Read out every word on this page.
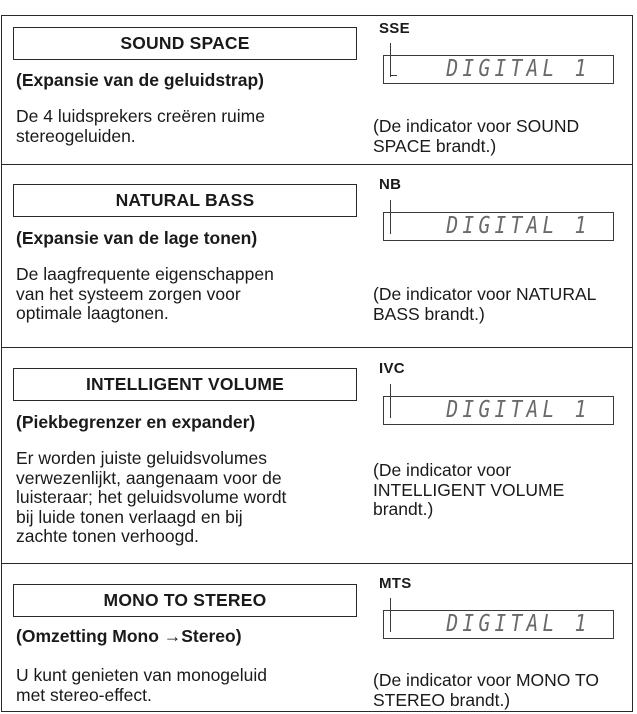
SOUND SPACE
(Expansie van de geluidstrap)
De 4 luidsprekers creëren ruime
stereogeluiden.
SSE
DIGITAL 1
(De indicator voor SOUND SPACE brandt.)
NATURAL BASS
(Expansie van de lage tonen)
De laagfrequente eigenschappen
van het systeem zorgen voor
optimale laagtonen.
NB
DIGITAL 1
(De indicator voor NATURAL BASS brandt.)
INTELLIGENT VOLUME
(Piekbegrenzer en expander)
Er worden juiste geluidsvolumes
verwezenlijkt, aangenaam voor de
luisteraar; het geluidsvolume wordt
bij luide tonen verlaagd en bij
zachte tonen verhoogd.
IVC
DIGITAL 1
(De indicator voor INTELLIGENT VOLUME brandt.)
MONO TO STEREO
(Omzetting Mono →Stereo)
U kunt genieten van monogeluid
met stereo-effect.
MTS
DIGITAL 1
(De indicator voor MONO TO STEREO brandt.)
